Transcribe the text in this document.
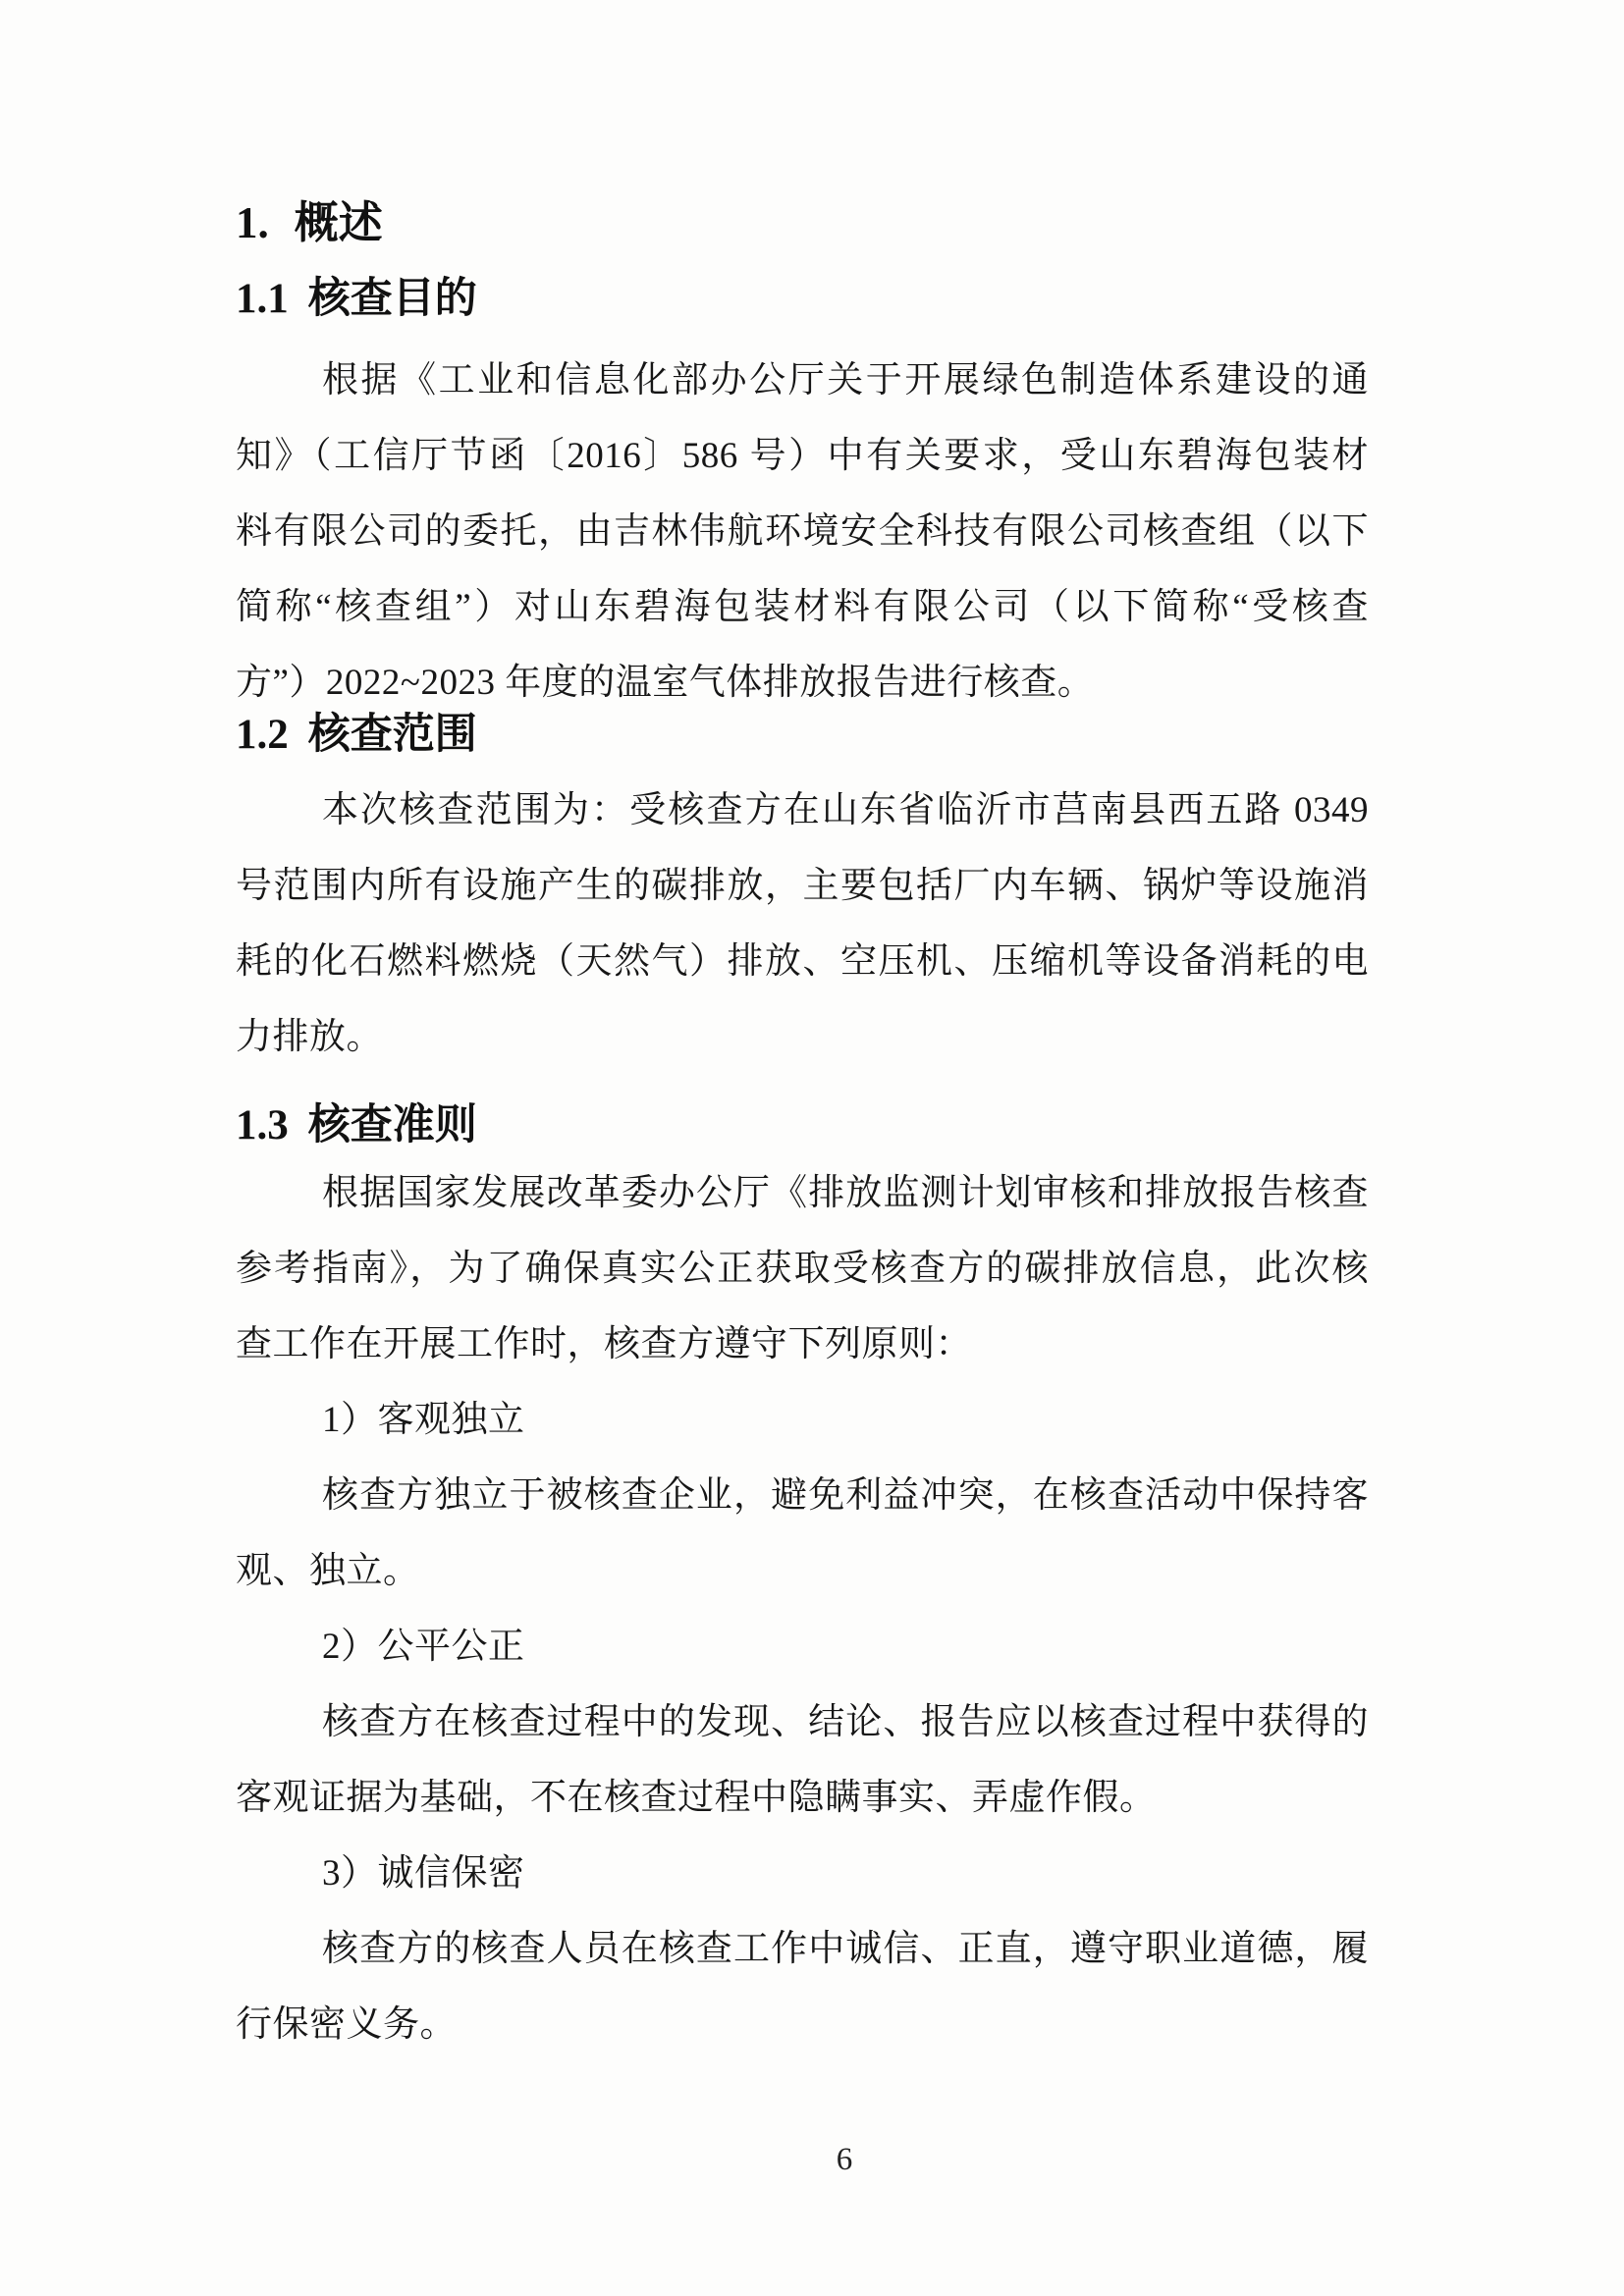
1. 概述
1.1 核查目的
根据《工业和信息化部办公厅关于开展绿色制造体系建设的通
知》（工信厅节函〔2016〕586 号）中有关要求，受山东碧海包装材
料有限公司的委托，由吉林伟航环境安全科技有限公司核查组（以下
简称“核查组”）对山东碧海包装材料有限公司（以下简称“受核查
方”）2022~2023 年度的温室气体排放报告进行核查。
1.2 核查范围
本次核查范围为：受核查方在山东省临沂市莒南县西五路 0349
号范围内所有设施产生的碳排放，主要包括厂内车辆、锅炉等设施消
耗的化石燃料燃烧（天然气）排放、空压机、压缩机等设备消耗的电
力排放。
1.3 核查准则
根据国家发展改革委办公厅《排放监测计划审核和排放报告核查
参考指南》，为了确保真实公正获取受核查方的碳排放信息，此次核
查工作在开展工作时，核查方遵守下列原则：
1）客观独立
核查方独立于被核查企业，避免利益冲突，在核查活动中保持客
观、独立。
2）公平公正
核查方在核查过程中的发现、结论、报告应以核查过程中获得的
客观证据为基础，不在核查过程中隐瞒事实、弄虚作假。
3）诚信保密
核查方的核查人员在核查工作中诚信、正直，遵守职业道德，履
行保密义务。
6
